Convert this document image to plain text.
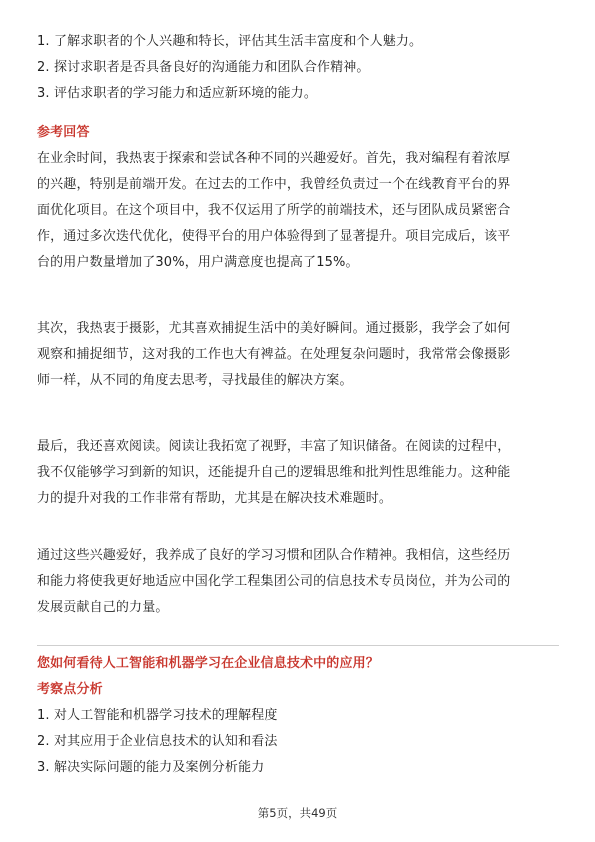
1. 了解求职者的个人兴趣和特长，评估其生活丰富度和个人魅力。
2. 探讨求职者是否具备良好的沟通能力和团队合作精神。
3. 评估求职者的学习能力和适应新环境的能力。
参考回答
在业余时间，我热衷于探索和尝试各种不同的兴趣爱好。首先，我对编程有着浓厚
的兴趣，特别是前端开发。在过去的工作中，我曾经负责过一个在线教育平台的界
面优化项目。在这个项目中，我不仅运用了所学的前端技术，还与团队成员紧密合
作，通过多次迭代优化，使得平台的用户体验得到了显著提升。项目完成后，该平
台的用户数量增加了30%，用户满意度也提高了15%。
其次，我热衷于摄影，尤其喜欢捕捉生活中的美好瞬间。通过摄影，我学会了如何
观察和捕捉细节，这对我的工作也大有裨益。在处理复杂问题时，我常常会像摄影
师一样，从不同的角度去思考，寻找最佳的解决方案。
最后，我还喜欢阅读。阅读让我拓宽了视野，丰富了知识储备。在阅读的过程中，
我不仅能够学习到新的知识，还能提升自己的逻辑思维和批判性思维能力。这种能
力的提升对我的工作非常有帮助，尤其是在解决技术难题时。
通过这些兴趣爱好，我养成了良好的学习习惯和团队合作精神。我相信，这些经历
和能力将使我更好地适应中国化学工程集团公司的信息技术专员岗位，并为公司的
发展贡献自己的力量。
您如何看待人工智能和机器学习在企业信息技术中的应用？
考察点分析
1. 对人工智能和机器学习技术的理解程度
2. 对其应用于企业信息技术的认知和看法
3. 解决实际问题的能力及案例分析能力
第5页，共49页
